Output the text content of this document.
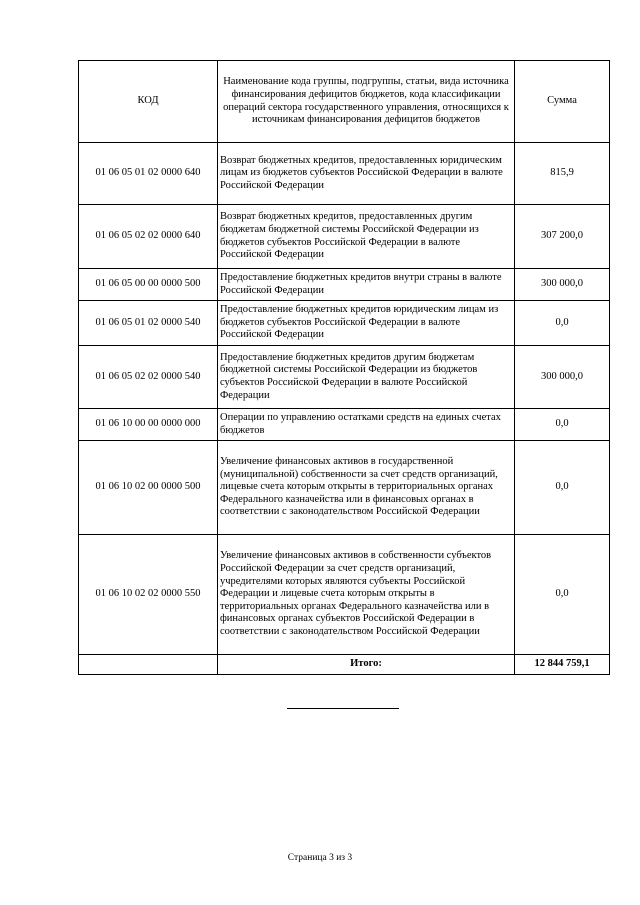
КОД	Наименование кода группы, подгруппы, статьи, вида источника финансирования дефицитов бюджетов, кода классификации операций сектора государственного управления, относящихся к источникам финансирования дефицитов бюджетов	Сумма
01 06 05 01 02 0000 640	Возврат бюджетных кредитов, предоставленных юридическим лицам из бюджетов субъектов Российской Федерации в валюте Российской Федерации	815,9
01 06 05 02 02 0000 640	Возврат бюджетных кредитов, предоставленных другим бюджетам бюджетной системы Российской Федерации из бюджетов субъектов Российской Федерации в валюте Российской Федерации	307 200,0
01 06 05 00 00 0000 500	Предоставление бюджетных кредитов внутри страны в валюте Российской Федерации	300 000,0
01 06 05 01 02 0000 540	Предоставление бюджетных кредитов юридическим лицам из бюджетов субъектов Российской Федерации в валюте Российской Федерации	0,0
01 06 05 02 02 0000 540	Предоставление бюджетных кредитов другим бюджетам бюджетной системы Российской Федерации из бюджетов субъектов Российской Федерации в валюте Российской Федерации	300 000,0
01 06 10 00 00 0000 000	Операции по управлению остатками средств на единых счетах бюджетов	0,0
01 06 10 02 00 0000 500	Увеличение финансовых активов в государственной (муниципальной) собственности за счет средств организаций, лицевые счета которым открыты в территориальных органах Федерального казначейства или в финансовых органах в соответствии с законодательством Российской Федерации	0,0
01 06 10 02 02 0000 550	Увеличение финансовых активов в собственности субъектов Российской Федерации за счет средств организаций, учредителями которых являются субъекты Российской Федерации и лицевые счета которым открыты в территориальных органах Федерального казначейства или в финансовых органах субъектов Российской Федерации в соответствии с законодательством Российской Федерации	0,0
	Итого:	12 844 759,1
Страница 3 из 3
